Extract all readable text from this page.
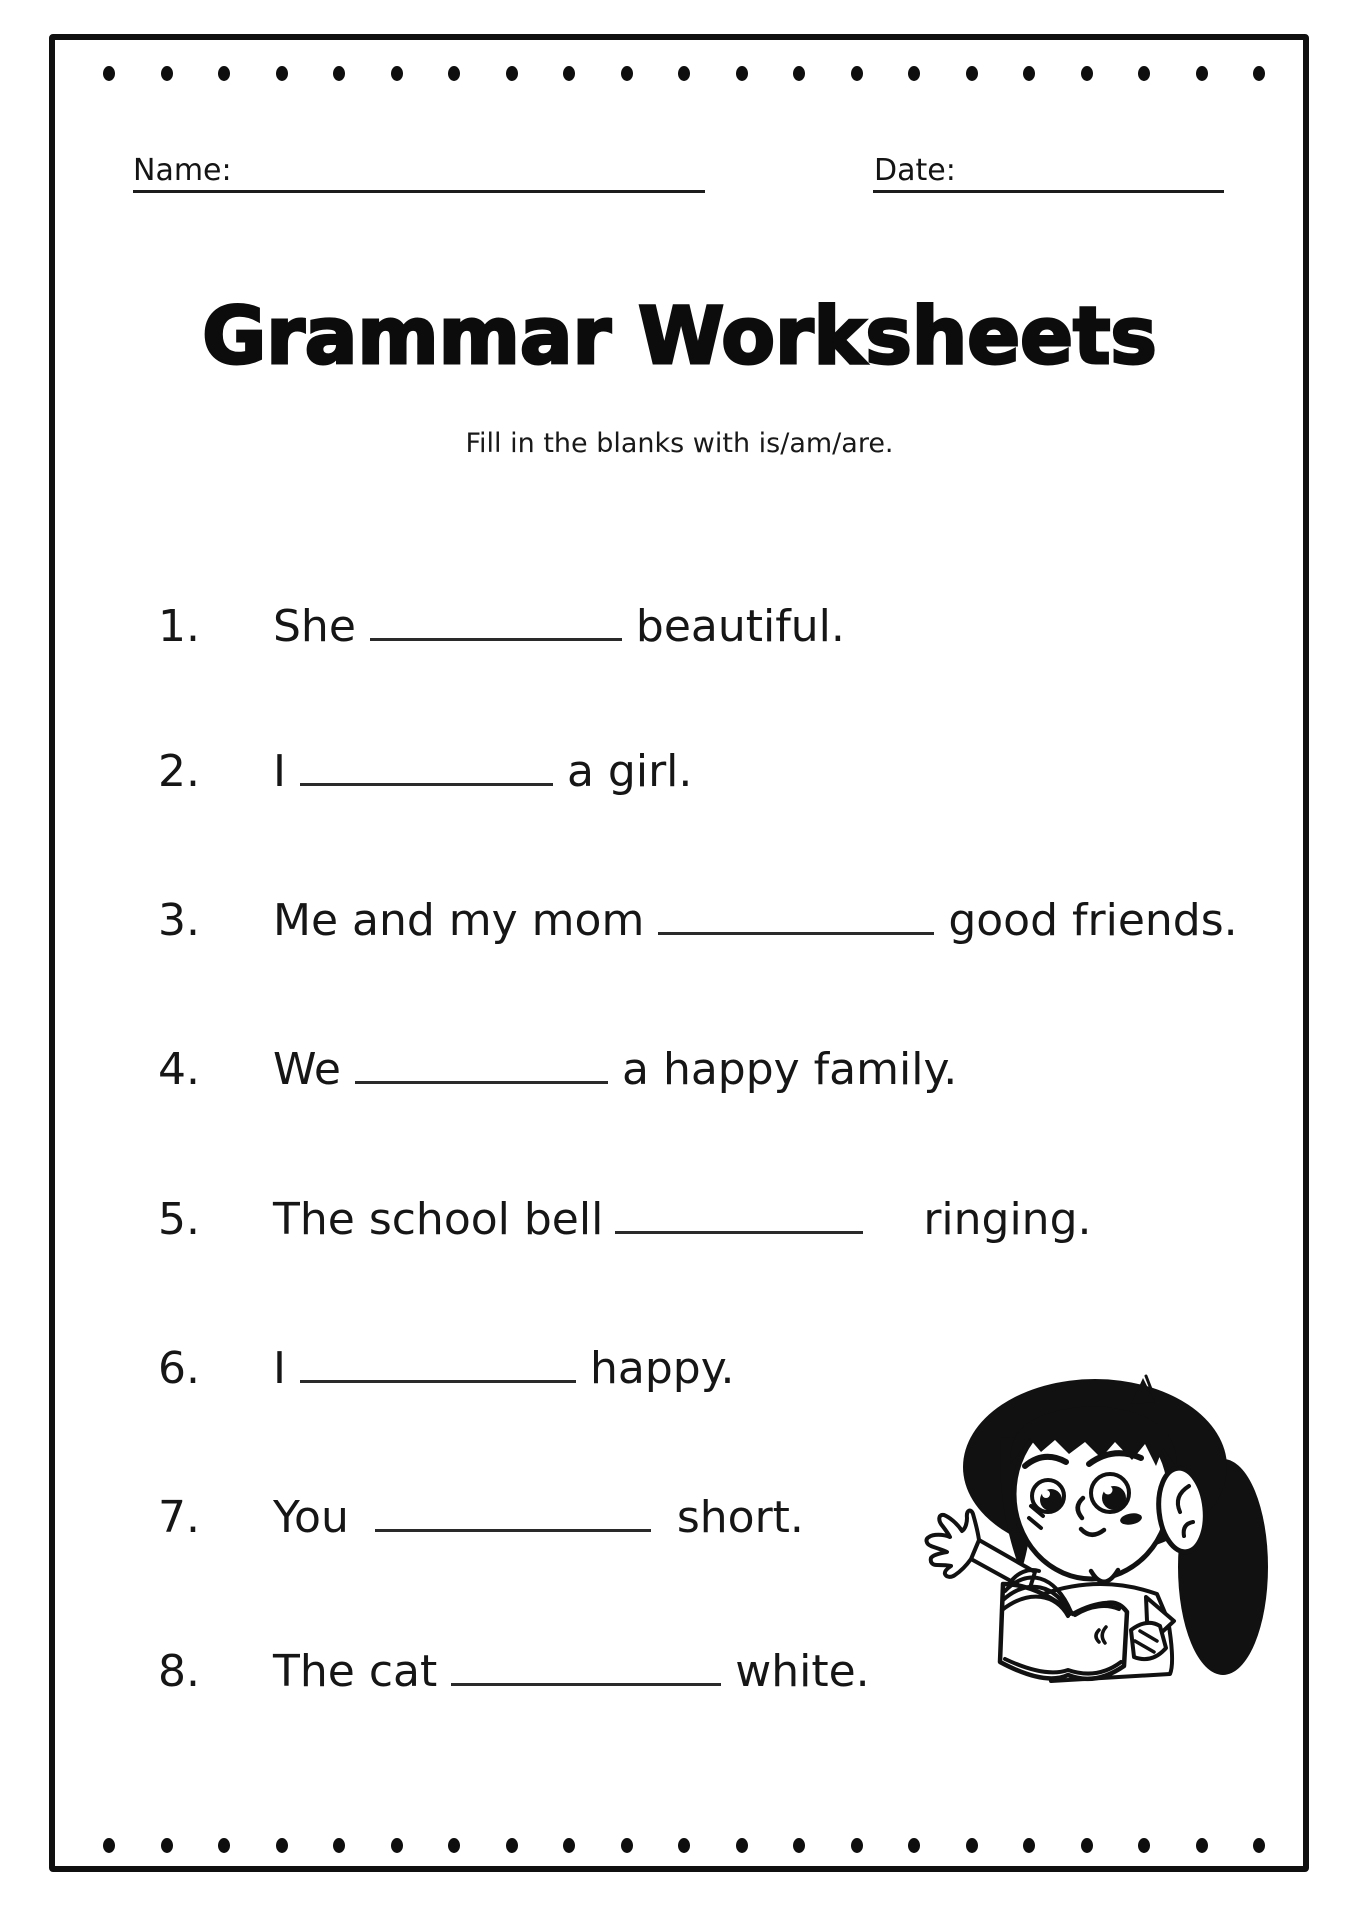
Name:	Date:
Grammar Worksheets
Fill in the blanks with is/am/are.
1.	She	beautiful.
2.	I	a girl.
3.	Me and my mom	good friends.
4.	We	a happy family.
5.	The school bell	ringing.
6.	I	happy.
7.	You	short.
8.	The cat	white.
